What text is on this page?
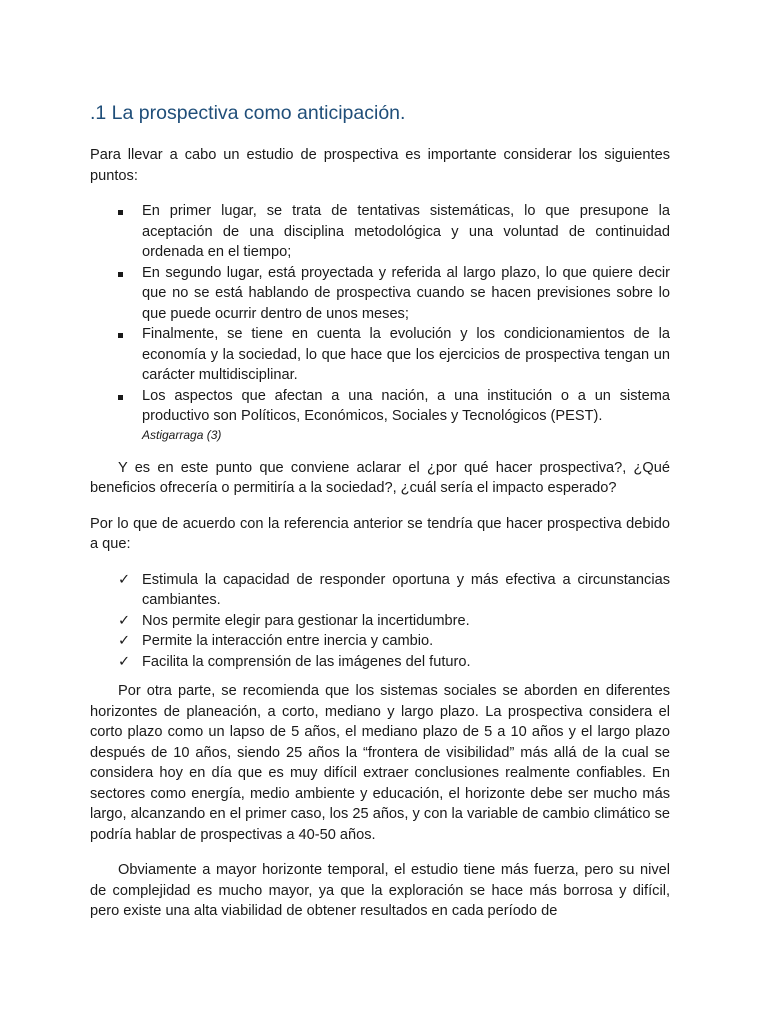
.1 La prospectiva como anticipación.

Para llevar a cabo un estudio de prospectiva es importante considerar los siguientes puntos:

En primer lugar, se trata de tentativas sistemáticas, lo que presupone la aceptación de una disciplina metodológica y una voluntad de continuidad ordenada en el tiempo;
En segundo lugar, está proyectada y referida al largo plazo, lo que quiere decir que no se está hablando de prospectiva cuando se hacen previsiones sobre lo que puede ocurrir dentro de unos meses;
Finalmente, se tiene en cuenta la evolución y los condicionamientos de la economía y la sociedad, lo que hace que los ejercicios de prospectiva tengan un carácter multidisciplinar.
Los aspectos que afectan a una nación, a una institución o a un sistema productivo son Políticos, Económicos, Sociales y Tecnológicos (PEST).
Astigarraga (3)

Y es en este punto que conviene aclarar el ¿por qué hacer prospectiva?, ¿Qué beneficios ofrecería o permitiría a la sociedad?, ¿cuál sería el impacto esperado?

Por lo que de acuerdo con la referencia anterior se tendría que hacer prospectiva debido a que:

✓ Estimula la capacidad de responder oportuna y más efectiva a circunstancias cambiantes.
✓ Nos permite elegir para gestionar la incertidumbre.
✓ Permite la interacción entre inercia y cambio.
✓ Facilita la comprensión de las imágenes del futuro.

Por otra parte, se recomienda que los sistemas sociales se aborden en diferentes horizontes de planeación, a corto, mediano y largo plazo. La prospectiva considera el corto plazo como un lapso de 5 años, el mediano plazo de 5 a 10 años y el largo plazo después de 10 años, siendo 25 años la “frontera de visibilidad” más allá de la cual se considera hoy en día que es muy difícil extraer conclusiones realmente confiables. En sectores como energía, medio ambiente y educación, el horizonte debe ser mucho más largo, alcanzando en el primer caso, los 25 años, y con la variable de cambio climático se podría hablar de prospectivas a 40-50 años.

Obviamente a mayor horizonte temporal, el estudio tiene más fuerza, pero su nivel de complejidad es mucho mayor, ya que la exploración se hace más borrosa y difícil, pero existe una alta viabilidad de obtener resultados en cada período de
